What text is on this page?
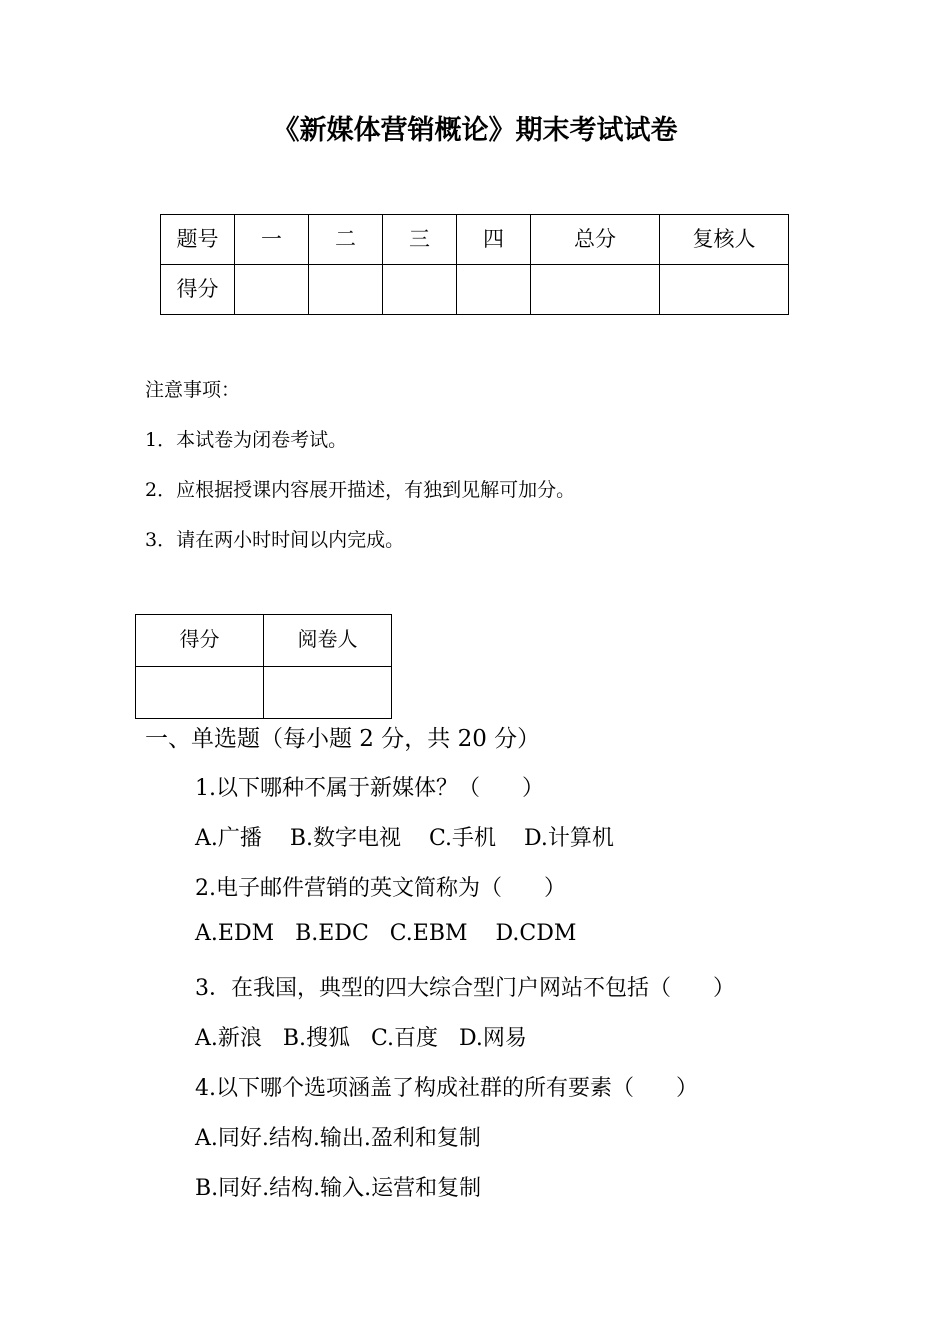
《新媒体营销概论》期末考试试卷
题号	一	二	三	四	总分	复核人
得分						
注意事项：
1．本试卷为闭卷考试。
2．应根据授课内容展开描述，有独到见解可加分。
3．请在两小时时间以内完成。
得分	阅卷人

一、单选题（每小题 2 分，共 20 分）
1.以下哪种不属于新媒体？（      ）
A.广播    B.数字电视    C.手机    D.计算机
2.电子邮件营销的英文简称为（      ）
A.EDM   B.EDC   C.EBM    D.CDM
3．在我国，典型的四大综合型门户网站不包括（      ）
A.新浪   B.搜狐   C.百度   D.网易
4.以下哪个选项涵盖了构成社群的所有要素（      ）
A.同好.结构.输出.盈利和复制
B.同好.结构.输入.运营和复制
